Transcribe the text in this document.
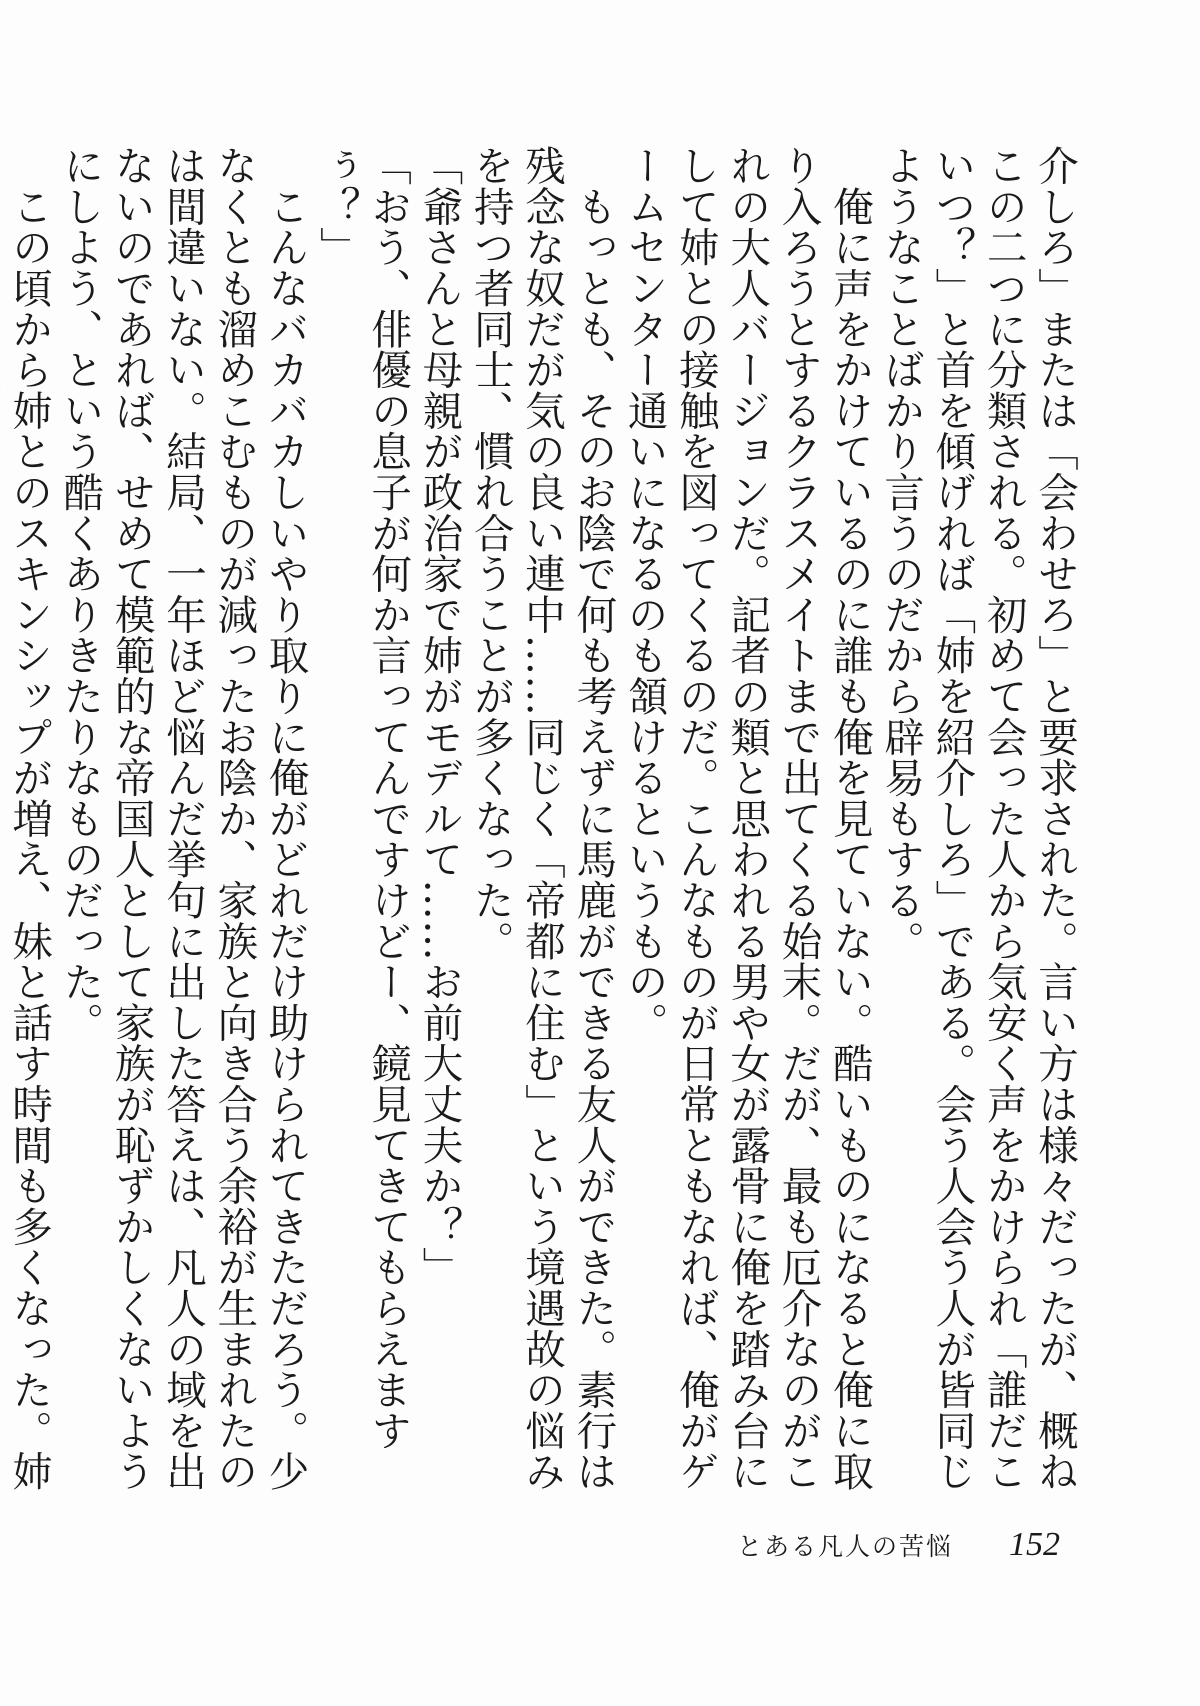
介しろ」または「会わせろ」と要求された。言い方は様々だったが、概ねこの二つに分類される。初めて会った人から気安く声をかけられ「誰だこいつ？」と首を傾げれば「姉を紹介しろ」である。会う人会う人が皆同じようなことばかり言うのだから辟易もする。

　俺に声をかけているのに誰も俺を見ていない。酷いものになると俺に取り入ろうとするクラスメイトまで出てくる始末。だが、最も厄介なのがこれの大人バージョンだ。記者の類と思われる男や女が露骨に俺を踏み台にして姉との接触を図ってくるのだ。こんなものが日常ともなれば、俺がゲームセンター通いになるのも頷けるというもの。

　もっとも、そのお陰で何も考えずに馬鹿ができる友人ができた。素行は残念な奴だが気の良い連中……同じく「帝都に住む」という境遇故の悩みを持つ者同士、慣れ合うことが多くなった。

「爺さんと母親が政治家で姉がモデルて……お前大丈夫か？」

「おう、俳優の息子が何か言ってんですけどー、鏡見てきてもらえますぅ？」

　こんなバカバカしいやり取りに俺がどれだけ助けられてきただろう。少なくとも溜めこむものが減ったお陰か、家族と向き合う余裕が生まれたのは間違いない。結局、一年ほど悩んだ挙句に出した答えは、凡人の域を出ないのであれば、せめて模範的な帝国人として家族が恥ずかしくないようにしよう、という酷くありきたりなものだった。

　この頃から姉とのスキンシップが増え、妹と話す時間も多くなった。姉

とある凡人の苦悩 152
